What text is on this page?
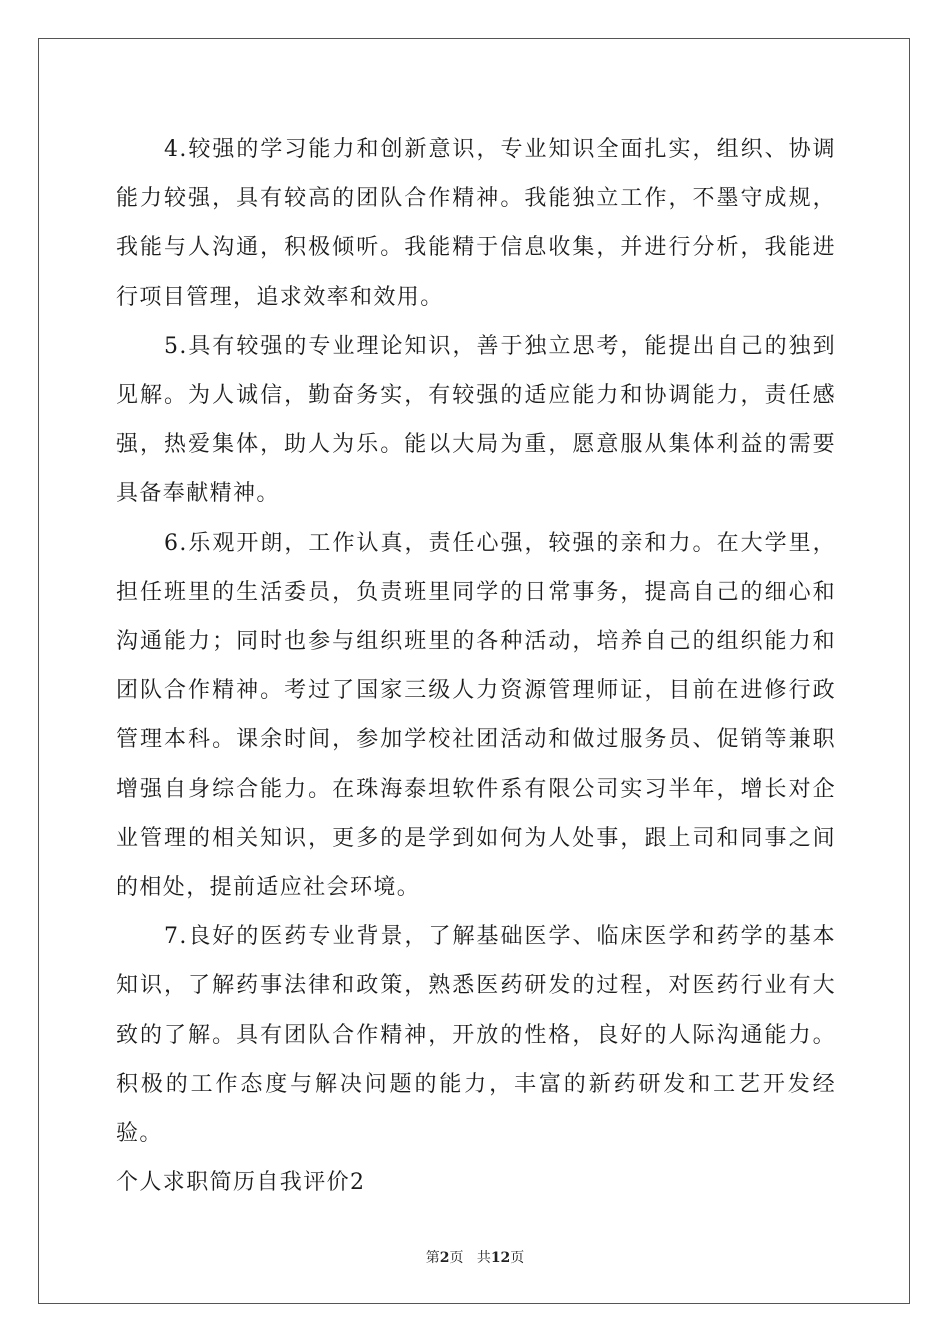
4.较强的学习能力和创新意识，专业知识全面扎实，组织、协调能力较强，具有较高的团队合作精神。我能独立工作，不墨守成规，我能与人沟通，积极倾听。我能精于信息收集，并进行分析，我能进行项目管理，追求效率和效用。

5.具有较强的专业理论知识，善于独立思考，能提出自己的独到见解。为人诚信，勤奋务实，有较强的适应能力和协调能力，责任感强，热爱集体，助人为乐。能以大局为重，愿意服从集体利益的需要具备奉献精神。

6.乐观开朗，工作认真，责任心强，较强的亲和力。在大学里，担任班里的生活委员，负责班里同学的日常事务，提高自己的细心和沟通能力；同时也参与组织班里的各种活动，培养自己的组织能力和团队合作精神。考过了国家三级人力资源管理师证，目前在进修行政管理本科。课余时间，参加学校社团活动和做过服务员、促销等兼职增强自身综合能力。在珠海泰坦软件系有限公司实习半年，增长对企业管理的相关知识，更多的是学到如何为人处事，跟上司和同事之间的相处，提前适应社会环境。

7.良好的医药专业背景，了解基础医学、临床医学和药学的基本知识，了解药事法律和政策，熟悉医药研发的过程，对医药行业有大致的了解。具有团队合作精神，开放的性格，良好的人际沟通能力。积极的工作态度与解决问题的能力，丰富的新药研发和工艺开发经验。

个人求职简历自我评价2

第2页 共12页
